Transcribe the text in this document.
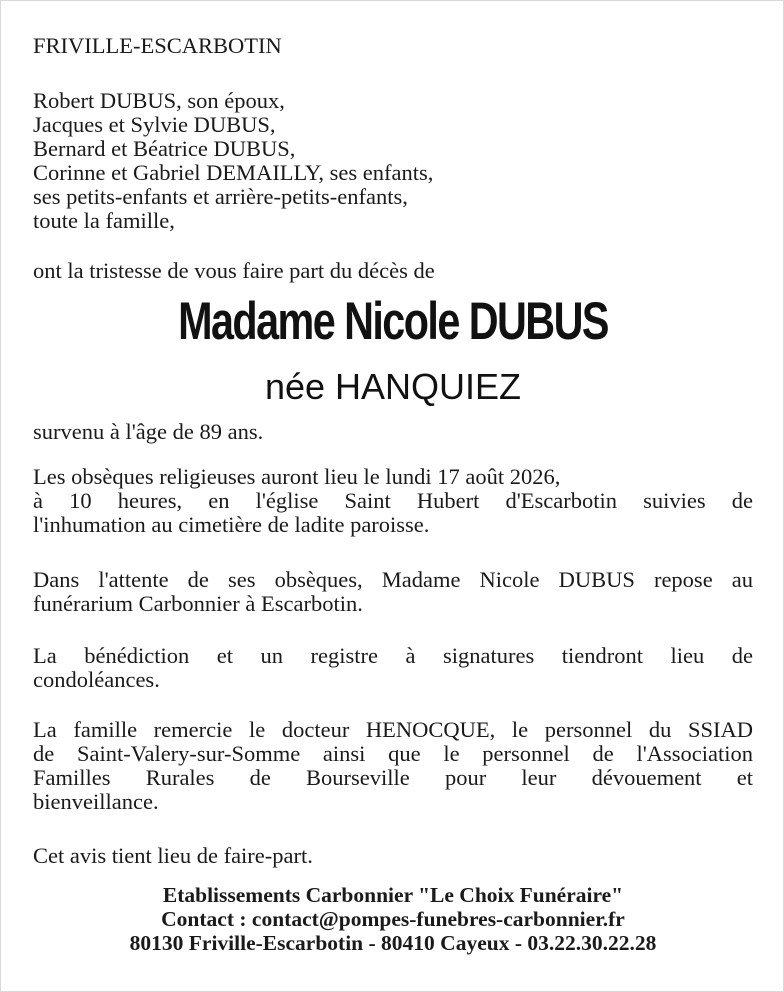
FRIVILLE-ESCARBOTIN

Robert DUBUS, son époux,
Jacques et Sylvie DUBUS,
Bernard et Béatrice DUBUS,
Corinne et Gabriel DEMAILLY, ses enfants,
ses petits-enfants et arrière-petits-enfants,
toute la famille,

ont la tristesse de vous faire part du décès de

Madame Nicole DUBUS
née HANQUIEZ

survenu à l'âge de 89 ans.

Les obsèques religieuses auront lieu le lundi 17 août 2026,
à 10 heures, en l'église Saint Hubert d'Escarbotin suivies de
l'inhumation au cimetière de ladite paroisse.

Dans l'attente de ses obsèques, Madame Nicole DUBUS repose au
funérarium Carbonnier à Escarbotin.

La bénédiction et un registre à signatures tiendront lieu de
condoléances.

La famille remercie le docteur HENOCQUE, le personnel du SSIAD
de Saint-Valery-sur-Somme ainsi que le personnel de l'Association
Familles Rurales de Bourseville pour leur dévouement et
bienveillance.

Cet avis tient lieu de faire-part.

Etablissements Carbonnier "Le Choix Funéraire"
Contact : contact@pompes-funebres-carbonnier.fr
80130 Friville-Escarbotin - 80410 Cayeux - 03.22.30.22.28
